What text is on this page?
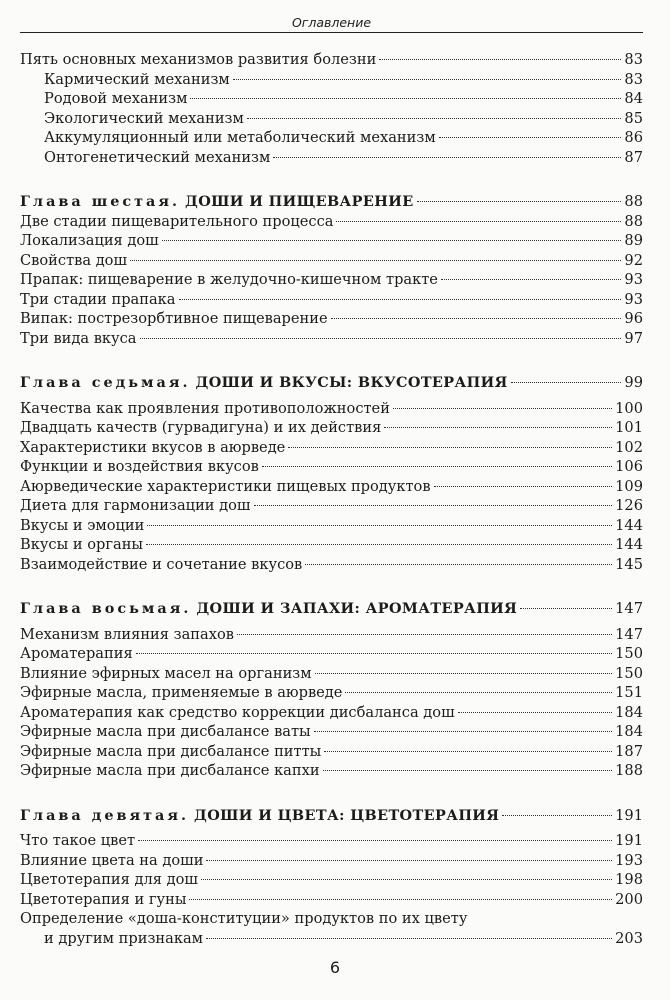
Оглавление
Пять основных механизмов развития болезни	83
Кармический механизм	83
Родовой механизм	84
Экологический механизм	85
Аккумуляционный или метаболический механизм	86
Онтогенетический механизм	87
Глава шестая. ДОШИ И ПИЩЕВАРЕНИЕ	88
Две стадии пищеварительного процесса	88
Локализация дош	89
Свойства дош	92
Прапак: пищеварение в желудочно-кишечном тракте	93
Три стадии прапака	93
Випак: пострезорбтивное пищеварение	96
Три вида вкуса	97
Глава седьмая. ДОШИ И ВКУСЫ: ВКУСОТЕРАПИЯ	99
Качества как проявления противоположностей	100
Двадцать качеств (гурвадигуна) и их действия	101
Характеристики вкусов в аюрведе	102
Функции и воздействия вкусов	106
Аюрведические характеристики пищевых продуктов	109
Диета для гармонизации дош	126
Вкусы и эмоции	144
Вкусы и органы	144
Взаимодействие и сочетание вкусов	145
Глава восьмая. ДОШИ И ЗАПАХИ: АРОМАТЕРАПИЯ	147
Механизм влияния запахов	147
Ароматерапия	150
Влияние эфирных масел на организм	150
Эфирные масла, применяемые в аюрведе	151
Ароматерапия как средство коррекции дисбаланса дош	184
Эфирные масла при дисбалансе ваты	184
Эфирные масла при дисбалансе питты	187
Эфирные масла при дисбалансе капхи	188
Глава девятая. ДОШИ И ЦВЕТА: ЦВЕТОТЕРАПИЯ	191
Что такое цвет	191
Влияние цвета на доши	193
Цветотерапия для дош	198
Цветотерапия и гуны	200
Определение «доша-конституции» продуктов по их цвету
и другим признакам	203
6
